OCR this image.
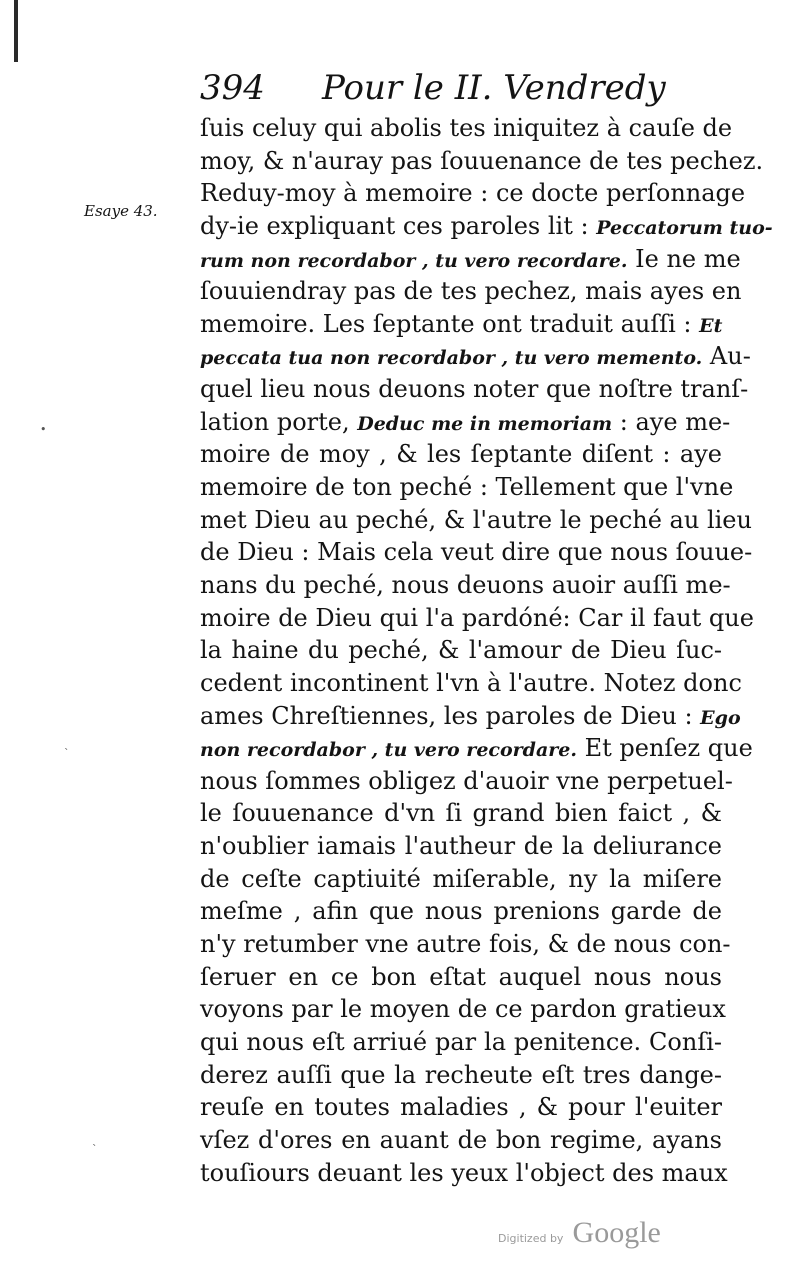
•
ˋ
ˋ
394 Pour le II. Vendredy
Esaye 43.
ſuis celuy qui abolis tes iniquitez à cauſe de
moy, & n'auray pas ſouuenance de tes pechez.
Reduy-moy à memoire : ce docte perſonnage
dy-ie expliquant ces paroles lit : Peccatorum tuo-
rum non recordabor , tu vero recordare. Ie ne me
ſouuiendray pas de tes pechez, mais ayes en
memoire. Les ſeptante ont traduit auſſi : Et
peccata tua non recordabor , tu vero memento. Au-
quel lieu nous deuons noter que noſtre tranſ-
lation porte, Deduc me in memoriam : aye me-
moire de moy , & les ſeptante diſent : aye
memoire de ton peché : Tellement que l'vne
met Dieu au peché, & l'autre le peché au lieu
de Dieu : Mais cela veut dire que nous ſouue-
nans du peché, nous deuons auoir auſſi me-
moire de Dieu qui l'a pardóné: Car il faut que
la haine du peché, & l'amour de Dieu ſuc-
cedent incontinent l'vn à l'autre. Notez donc
ames Chreſtiennes, les paroles de Dieu : Ego
non recordabor , tu vero recordare. Et penſez que
nous ſommes obligez d'auoir vne perpetuel-
le ſouuenance d'vn ſi grand bien faict , &
n'oublier iamais l'autheur de la deliurance
de ceſte captiuité miſerable, ny la miſere
meſme , afin que nous prenions garde de
n'y retumber vne autre fois, & de nous con-
ſeruer en ce bon eſtat auquel nous nous
voyons par le moyen de ce pardon gratieux
qui nous eſt arriué par la penitence. Conſi-
derez auſſi que la recheute eſt tres dange-
reuſe en toutes maladies , & pour l'euiter
vſez d'ores en auant de bon regime, ayans
touſiours deuant les yeux l'object des maux
Digitized by Google
